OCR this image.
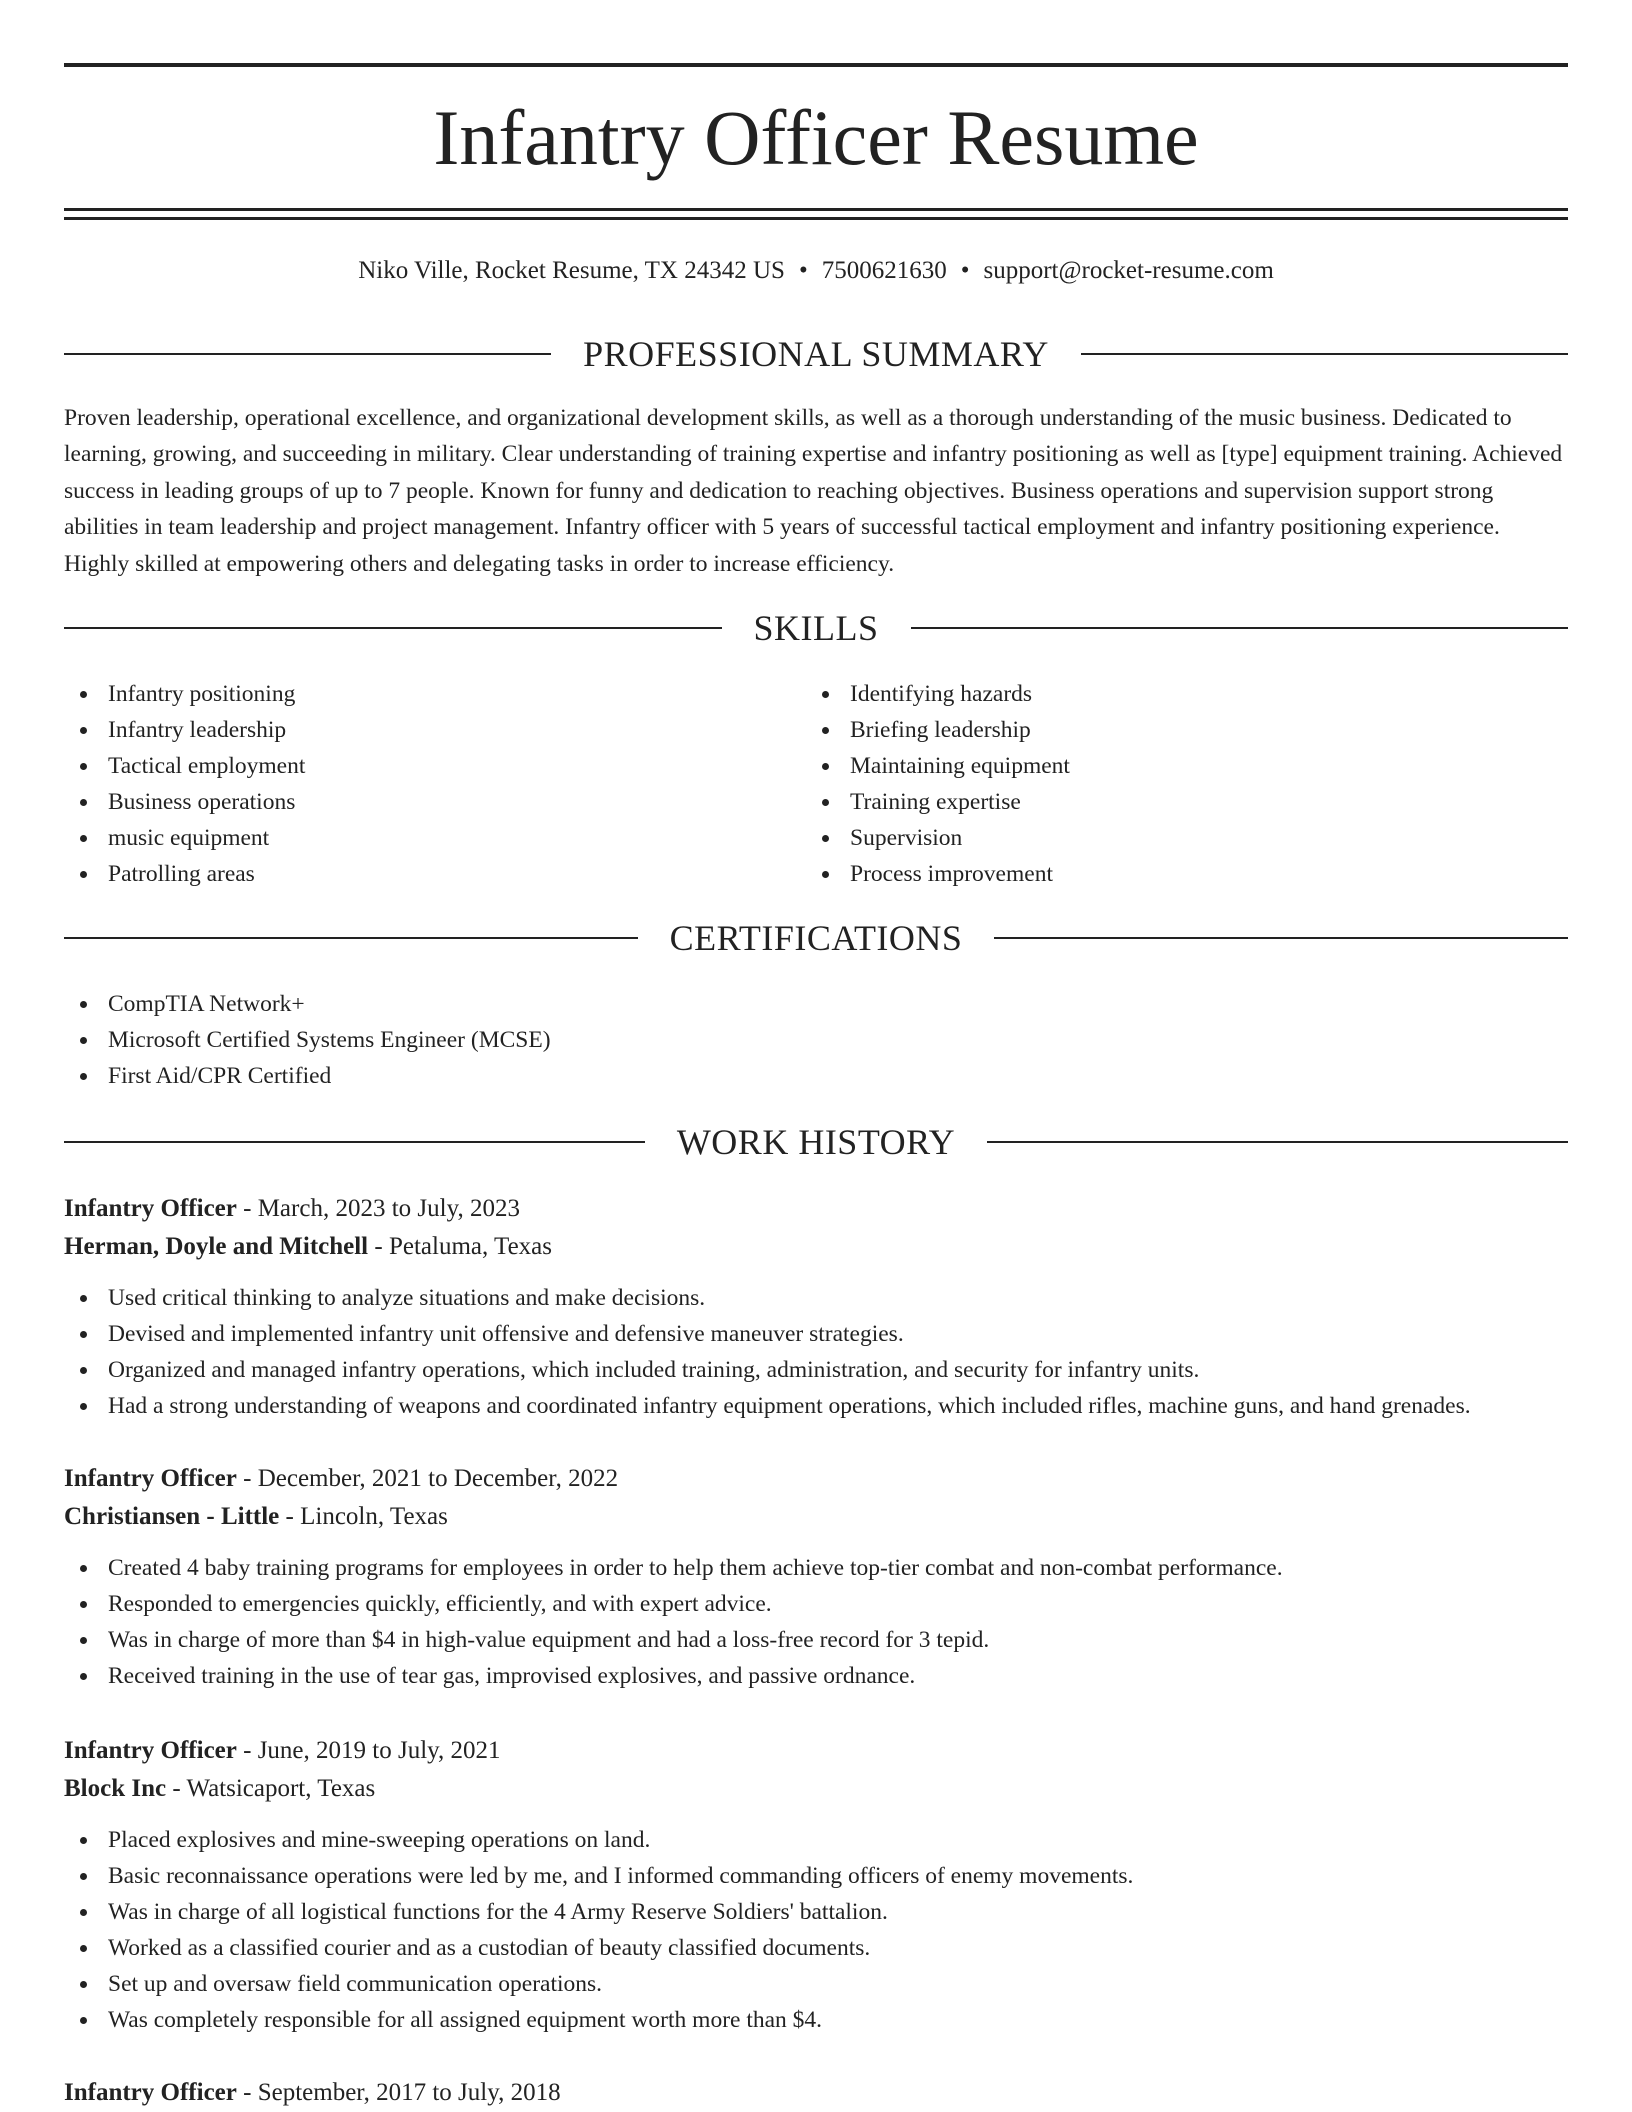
Infantry Officer Resume
Niko Ville, Rocket Resume, TX 24342 US • 7500621630 • support@rocket-resume.com
PROFESSIONAL SUMMARY

Proven leadership, operational excellence, and organizational development skills, as well as a thorough understanding of the music business. Dedicated to learning, growing, and succeeding in military. Clear understanding of training expertise and infantry positioning as well as [type] equipment training. Achieved success in leading groups of up to 7 people. Known for funny and dedication to reaching objectives. Business operations and supervision support strong abilities in team leadership and project management. Infantry officer with 5 years of successful tactical employment and infantry positioning experience. Highly skilled at empowering others and delegating tasks in order to increase efficiency.

SKILLS
Infantry positioning
Infantry leadership
Tactical employment
Business operations
music equipment
Patrolling areas
Identifying hazards
Briefing leadership
Maintaining equipment
Training expertise
Supervision
Process improvement
CERTIFICATIONS
CompTIA Network+
Microsoft Certified Systems Engineer (MCSE)
First Aid/CPR Certified
WORK HISTORY
Infantry Officer - March, 2023 to July, 2023
Herman, Doyle and Mitchell - Petaluma, Texas
Used critical thinking to analyze situations and make decisions.
Devised and implemented infantry unit offensive and defensive maneuver strategies.
Organized and managed infantry operations, which included training, administration, and security for infantry units.
Had a strong understanding of weapons and coordinated infantry equipment operations, which included rifles, machine guns, and hand grenades.
Infantry Officer - December, 2021 to December, 2022
Christiansen - Little - Lincoln, Texas
Created 4 baby training programs for employees in order to help them achieve top-tier combat and non-combat performance.
Responded to emergencies quickly, efficiently, and with expert advice.
Was in charge of more than $4 in high-value equipment and had a loss-free record for 3 tepid.
Received training in the use of tear gas, improvised explosives, and passive ordnance.
Infantry Officer - June, 2019 to July, 2021
Block Inc - Watsicaport, Texas
Placed explosives and mine-sweeping operations on land.
Basic reconnaissance operations were led by me, and I informed commanding officers of enemy movements.
Was in charge of all logistical functions for the 4 Army Reserve Soldiers' battalion.
Worked as a classified courier and as a custodian of beauty classified documents.
Set up and oversaw field communication operations.
Was completely responsible for all assigned equipment worth more than $4.
Infantry Officer - September, 2017 to July, 2018
